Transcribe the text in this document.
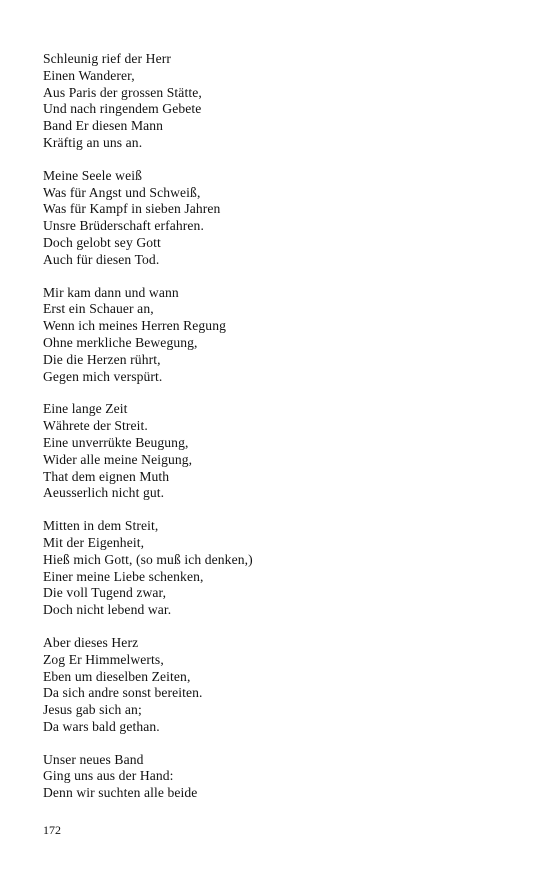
Schleunig rief der Herr
Einen Wanderer,
Aus Paris der grossen Stätte,
Und nach ringendem Gebete
Band Er diesen Mann
Kräftig an uns an.
Meine Seele weiß
Was für Angst und Schweiß,
Was für Kampf in sieben Jahren
Unsre Brüderschaft erfahren.
Doch gelobt sey Gott
Auch für diesen Tod.
Mir kam dann und wann
Erst ein Schauer an,
Wenn ich meines Herren Regung
Ohne merkliche Bewegung,
Die die Herzen rührt,
Gegen mich verspürt.
Eine lange Zeit
Währete der Streit.
Eine unverrükte Beugung,
Wider alle meine Neigung,
That dem eignen Muth
Aeusserlich nicht gut.
Mitten in dem Streit,
Mit der Eigenheit,
Hieß mich Gott, (so muß ich denken,)
Einer meine Liebe schenken,
Die voll Tugend zwar,
Doch nicht lebend war.
Aber dieses Herz
Zog Er Himmelwerts,
Eben um dieselben Zeiten,
Da sich andre sonst bereiten.
Jesus gab sich an;
Da wars bald gethan.
Unser neues Band
Ging uns aus der Hand:
Denn wir suchten alle beide
172
